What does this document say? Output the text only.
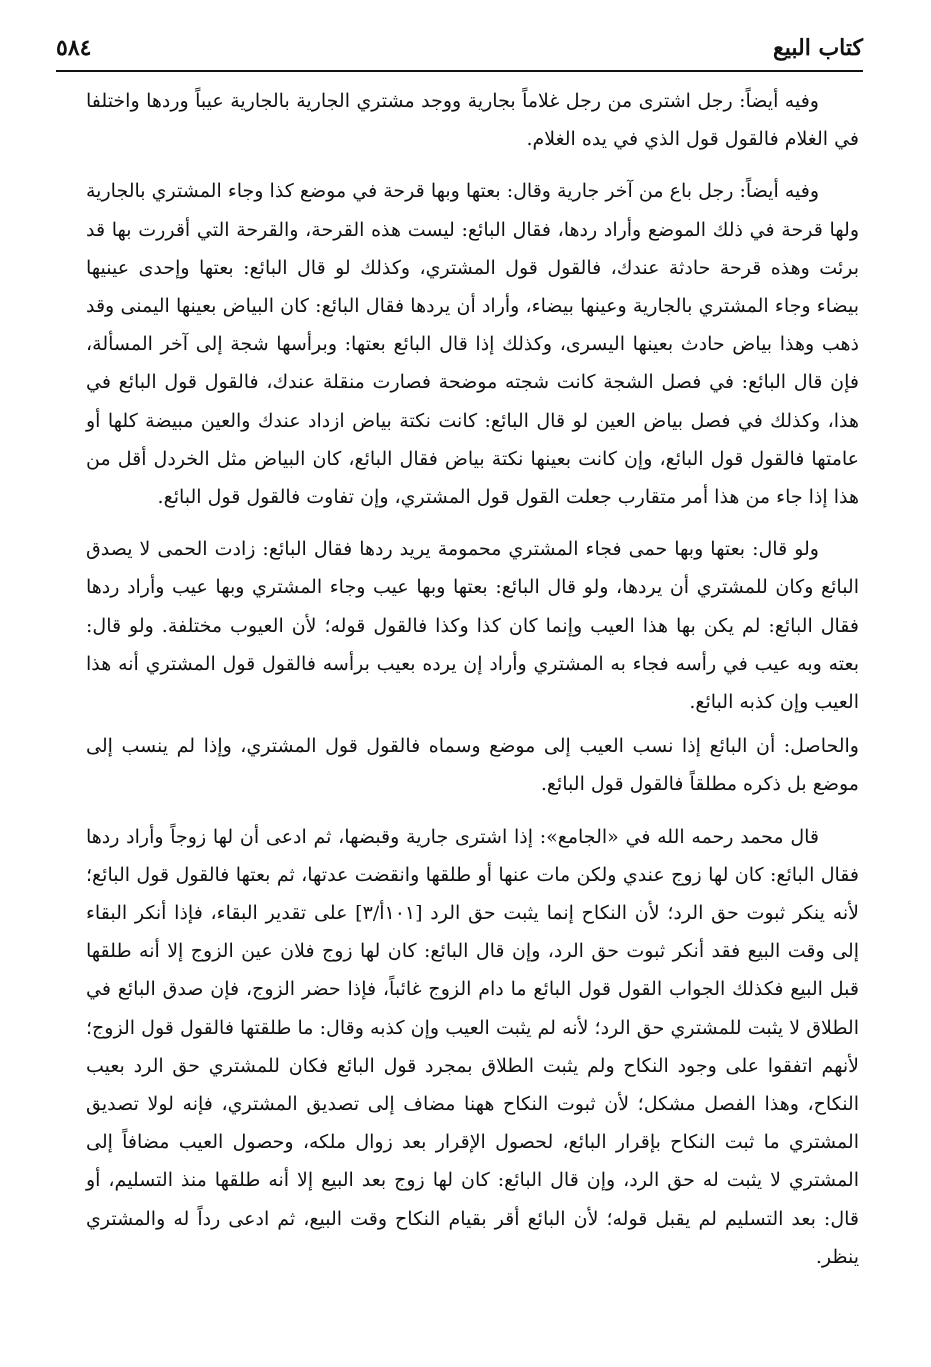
كتاب البيع
٥٨٤

وفيه أيضاً: رجل اشترى من رجل غلاماً بجارية ووجد مشتري الجارية بالجارية عيباً وردها واختلفا في الغلام فالقول قول الذي في يده الغلام.

وفيه أيضاً: رجل باع من آخر جارية وقال: بعتها وبها قرحة في موضع كذا وجاء المشتري بالجارية ولها قرحة في ذلك الموضع وأراد ردها، فقال البائع: ليست هذه القرحة، والقرحة التي أقررت بها قد برئت وهذه قرحة حادثة عندك، فالقول قول المشتري، وكذلك لو قال البائع: بعتها وإحدى عينيها بيضاء وجاء المشتري بالجارية وعينها بيضاء، وأراد أن يردها فقال البائع: كان البياض بعينها اليمنى وقد ذهب وهذا بياض حادث بعينها اليسرى، وكذلك إذا قال البائع بعتها: وبرأسها شجة إلى آخر المسألة، فإن قال البائع: في فصل الشجة كانت شجته موضحة فصارت منقلة عندك، فالقول قول البائع في هذا، وكذلك في فصل بياض العين لو قال البائع: كانت نكتة بياض ازداد عندك والعين مبيضة كلها أو عامتها فالقول قول البائع، وإن كانت بعينها نكتة بياض فقال البائع، كان البياض مثل الخردل أقل من هذا إذا جاء من هذا أمر متقارب جعلت القول قول المشتري، وإن تفاوت فالقول قول البائع.

ولو قال: بعتها وبها حمى فجاء المشتري محمومة يريد ردها فقال البائع: زادت الحمى لا يصدق البائع وكان للمشتري أن يردها، ولو قال البائع: بعتها وبها عيب وجاء المشتري وبها عيب وأراد ردها فقال البائع: لم يكن بها هذا العيب وإنما كان كذا وكذا فالقول قوله؛ لأن العيوب مختلفة. ولو قال: بعته وبه عيب في رأسه فجاء به المشتري وأراد إن يرده بعيب برأسه فالقول قول المشتري أنه هذا العيب وإن كذبه البائع.

والحاصل: أن البائع إذا نسب العيب إلى موضع وسماه فالقول قول المشتري، وإذا لم ينسب إلى موضع بل ذكره مطلقاً فالقول قول البائع.

قال محمد رحمه الله في «الجامع»: إذا اشترى جارية وقبضها، ثم ادعى أن لها زوجاً وأراد ردها فقال البائع: كان لها زوج عندي ولكن مات عنها أو طلقها وانقضت عدتها، ثم بعتها فالقول قول البائع؛ لأنه ينكر ثبوت حق الرد؛ لأن النكاح إنما يثبت حق الرد [١٠١أ/٣] على تقدير البقاء، فإذا أنكر البقاء إلى وقت البيع فقد أنكر ثبوت حق الرد، وإن قال البائع: كان لها زوج فلان عين الزوج إلا أنه طلقها قبل البيع فكذلك الجواب القول قول البائع ما دام الزوج غائباً، فإذا حضر الزوج، فإن صدق البائع في الطلاق لا يثبت للمشتري حق الرد؛ لأنه لم يثبت العيب وإن كذبه وقال: ما طلقتها فالقول قول الزوج؛ لأنهم اتفقوا على وجود النكاح ولم يثبت الطلاق بمجرد قول البائع فكان للمشتري حق الرد بعيب النكاح، وهذا الفصل مشكل؛ لأن ثبوت النكاح ههنا مضاف إلى تصديق المشتري، فإنه لولا تصديق المشتري ما ثبت النكاح بإقرار البائع، لحصول الإقرار بعد زوال ملكه، وحصول العيب مضافاً إلى المشتري لا يثبت له حق الرد، وإن قال البائع: كان لها زوج بعد البيع إلا أنه طلقها منذ التسليم، أو قال: بعد التسليم لم يقبل قوله؛ لأن البائع أقر بقيام النكاح وقت البيع، ثم ادعى رداً له والمشتري ينظر.
